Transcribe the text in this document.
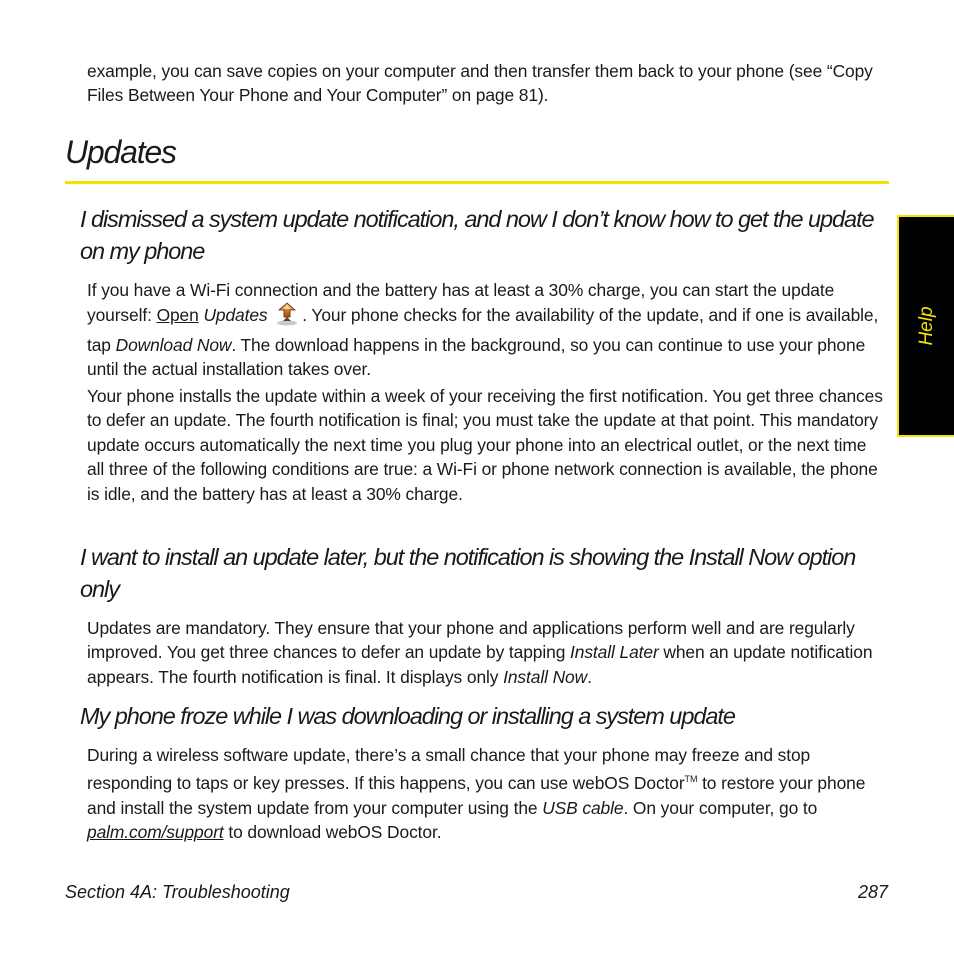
example, you can save copies on your computer and then transfer them back to your phone (see “Copy Files Between Your Phone and Your Computer” on page 81).

Updates
I dismissed a system update notification, and now I don’t know how to get the update on my phone

If you have a Wi-Fi connection and the battery has at least a 30% charge, you can start the update yourself: Open Updates . Your phone checks for the availability of the update, and if one is available, tap Download Now. The download happens in the background, so you can continue to use your phone until the actual installation takes over.

Your phone installs the update within a week of your receiving the first notification. You get three chances to defer an update. The fourth notification is final; you must take the update at that point. This mandatory update occurs automatically the next time you plug your phone into an electrical outlet, or the next time all three of the following conditions are true: a Wi-Fi or phone network connection is available, the phone is idle, and the battery has at least a 30% charge.

I want to install an update later, but the notification is showing the Install Now option only

Updates are mandatory. They ensure that your phone and applications perform well and are regularly improved. You get three chances to defer an update by tapping Install Later when an update notification appears. The fourth notification is final. It displays only Install Now.

My phone froze while I was downloading or installing a system update

During a wireless software update, there’s a small chance that your phone may freeze and stop responding to taps or key presses. If this happens, you can use webOS Doctor™ to restore your phone and install the system update from your computer using the USB cable. On your computer, go to palm.com/support to download webOS Doctor.

Help
Section 4A: Troubleshooting	287
